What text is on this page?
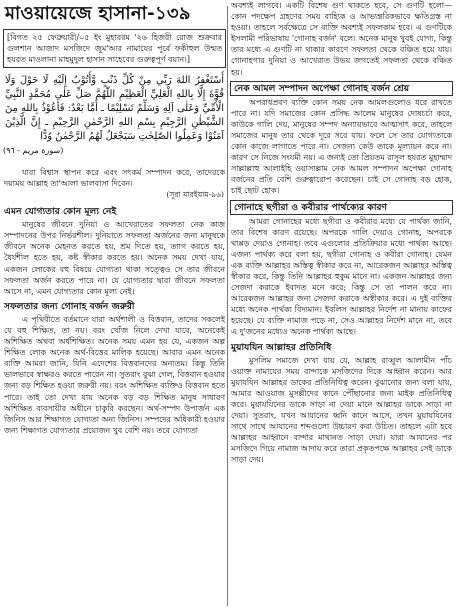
মাওয়ায়েজে হাসানা-১৩৯
[বিগত ২৫ ফেব্রুয়ারী/০৫ ইং মুহাররম '২৬ হিজরী রোজ শুক্রবার গুলশান আজাদ মসজিদে জুম'আর নামাযের পূর্বে ফকীহুল উম্মত হযরত মাওলানা মাহমুদুল হাসান সাহেবের গুরুত্বপূর্ণ বয়ান।]
أَسْتَغْفِرُ اللهَ رَبِّي مِنْ كُلِّ ذَنْبٍ وَّأَتُوْبُ إِلَيْهِ لَا حَوْلَ وَلَا قُوَّةَ إِلَّا بِاللهِ الْعَلِيِّ الْعَظِيْمِ اللّٰهُمَّ صَلِّ عَلٰى مُحَمَّدٍ النَّبِيِّ الْأُمِّيِّ وَعَلٰى آلِهِ وَسَلِّمْ تَسْلِيْمًا ـ أَمَّا بَعْدُ: فَأَعُوْذُ بِاللهِ مِنَ الشَّيْطٰنِ الرَّجِيْمِ بِسْمِ اللهِ الرَّحْمٰنِ الرَّحِيْمِ ـ إِنَّ الَّذِيْنَ آمَنُوْا وَعَمِلُوا الصّٰلِحٰتِ سَيَجْعَلُ لَهُمُ الرَّحْمٰنُ وُدًّا
(سورة مريم - ٩٦)

যারা বিশ্বাস স্থাপন করে এবং সৎকর্ম সম্পাদন করে, তাদেরকে দয়াময় আল্লাহ তা'আলা ভালবাসা দিবেন।

(সূরা মারইয়াম-৯৬)
এমন যোগ্যতার কোন মূল্য নেই

মানুষের জীবনে দুনিয়া ও আখেরাতের সফলতা নেক কাজ সম্পাদনের উপর নির্ভরশীল। দুনিয়াতে সফলতা অর্জনের জন্য মানুষকে জীবনে অনেক মেহনত করতে হয়, শ্রম দিতে হয়, ত্যাগ করতে হয়, ধৈর্যশীল হতে হয়, কষ্ট স্বীকার করতে হয়। অনেক সময় দেখা যায়, একজন লোকের বহু বিষয়ে যোগ্যতা থাকা সত্ত্বেও সে তার জীবনে সফলতা অর্জন করতে পারে না। যে যোগ্যতার দ্বারা জীবনে সফলতা আসে না, এমন যোগ্যতার কোন মূল্য নেই।

সফলতার জন্য গোনাহ বর্জন জরুরী

এ পৃথিবীতে বর্তমানে যারা অর্থশালী ও বিত্তবান, তাদের সকলেই যে বহু শিক্ষিত, তা নয়। বরং খোঁজ নিলে দেখা যাবে, অনেকেই অশিক্ষিত অথবা অর্ধশিক্ষিত। অনেক সময় এমন হয় যে, একজন অল্প শিক্ষিত লোক অনেক অর্থ-বিত্তের মালিক হয়েছে। আবার এমন অনেক ব্যক্তি আমরা জানি, যিনি এদেশের বিত্তবানদের অন্যতম। কিন্তু তিনি ভালভাবে স্বাক্ষরও করতে পারেন না। সুতরাং বুঝা গেল, বিত্তবান হওয়ার জন্য বড় শিক্ষিত হওয়া জরুরী নয়। বরং অশিক্ষিত ব্যক্তিও বিত্তবান হতে পারে। তাই তো দেখা যায় অনেক বড় বড় শিক্ষিত মানুষ সাধারণ অশিক্ষিত ব্যবসায়ীর অধীনে চাকুরি করছেন। অর্থ-সম্পদ উপার্জন এক জিনিস আর শিক্ষাগত যোগ্যতা অন্য জিনিস। সম্পদের অধিকারী হওয়ার জন্য শিক্ষাগত যোগ্যতার প্রয়োজন খুব বেশি নয়। তবে যোগ্যতা

অবশ্যই লাগবে। একটি বিশেষ গুণ থাকতে হবে, সে গুণটি হলো— কোন পদক্ষেপ গ্রহণের সময় বাহ্যিক ও আভ্যন্তরিকভাবে ক্ষতিগ্রস্ত না হওয়া। তাহলে সর্বক্ষেত্রে সে ব্যক্তি অবশ্যই সফলকাম হবে। এ গুণটিকে ইসলামী পরিভাষায় 'গোনাহ বর্জন' বলে। অনেক মানুষ খুবই যোগ্য, কিন্তু তার মধ্যে এ গুণটি না থাকার কারণে সফলতা থেকে বঞ্চিত হয়ে যায়। গোনাহগার দুনিয়া ও আখেরাত উভয় জগতেই সফলতা থেকে বঞ্চিত হয়।

নেক আমল সম্পাদন অপেক্ষা গোনাহ বর্জন শ্রেয়

অপরাধপ্রবণ ব্যক্তি কোন সময় নেক আমলগুলোও ধরে রাখতে পারে না। যদি সমাজের কোন প্রসিদ্ধ আলেম মানুষের দোষচর্চা করে, কাউকে গালি দেয়, মানুষের সম্পদ অন্যায়ভাবে আত্মসাৎ করে, তাহলে সমাজের মানুষ তার থেকে দূরে সরে যায়। ফলে সে তার যোগ্যতাকে কোন কাজে লাগাতে পারে না। সেজন্য কেউ তাকে মূল্যায়ন করে না। কারণ সে নিজে সংযমী নয়। এ জন্যই তো প্রিয়তম রাসূল হযরত মুহাম্মাদ সাল্লাল্লাহু আলাইহি ওয়াসাল্লাম নেক আমল সম্পাদন অপেক্ষা গোনাহ বর্জনের প্রতি বেশি গুরুত্বারোপ করেছেন। চাই সে গোনাহ বড় হোক, চাই ছোট হোক।

গোনাহে ছগীরা ও কবীরার পার্থক্যের কারণ

আমরা গোনাহের মধ্যে ছগীরা ও কবীরার মধ্যে যে পার্থক্য জানি, তার বিশেষ কারণ রয়েছে। অপরকে গালি দেয়াও গোনাহ, অপরকে থাপ্পড় দেয়াও গোনাহ। তবে এগুলোর প্রতিক্রিয়ার মধ্যে পার্থক্য আছে। এজন্য পার্থক্য করে বলা হয়, ছগীরা গোনাহ ও কবীরা গোনাহ। যেমন এক ব্যক্তি আল্লাহর অস্তিত্ব স্বীকার করে না, আরেকজন আল্লাহর অস্তিত্ব স্বীকার করে, কিন্তু তিনি আল্লাহর হুকুম মানে না। একজন আল্লাহর জন্য সেজদা করাকে ইবাদত মনে করে; কিন্তু সে তা পালন করে না। আরেকজন আল্লাহর জন্য সেজদা করাকে অস্বীকার করে। এ দুই ব্যক্তির মধ্যে অনেক পার্থক্য বিদ্যমান। ইবলিস আল্লাহর নির্দেশ না মানায় কাফের হয়েছে। যে ব্যক্তি নামাজ পড়ে না, সেও আল্লাহর নির্দেশ মানে না, তবে এ দু'জনের মধ্যেও অনেক পার্থক্য আছে।

মুয়াযযিন আল্লাহর প্রতিনিধি

মুসলিম সমাজে দেখা যায় যে, আল্লাহ রাব্বুল আলামীন পাঁচ ওয়াক্ত নামাযের সময় বান্দাকে মসজিদের দিকে আহ্বান করেন। আর মুয়াযযিন আল্লাহর ডাকের প্রতিনিধিত্ব করেন। বুঝানোর জন্য বলা যায়, আমার আওয়াজ মুসল্লীদের কানে পৌঁছানোর জন্য মাইক প্রতিনিধিত্ব করে। মুয়াযযিনের ডাকে সাড়া না দেয়া মানে আল্লাহর ডাকে সাড়া না দেয়া। সুতরাং, যখন আযানের ধ্বনি কানে আসে, তখন মুয়াযযিনের সাথে সাথে আযানের শব্দগুলো উচ্চারণ করা উচিত। তাহলে এটা হবে আল্লাহর আহ্বানে বান্দার মাথানত সাড়া দেয়া। যারা আযানের পর মসজিদে গিয়ে নামাজ আদায় করে তারা প্রকৃতপক্ষে আল্লাহর সেই ডাকে সাড়া দেয়।
